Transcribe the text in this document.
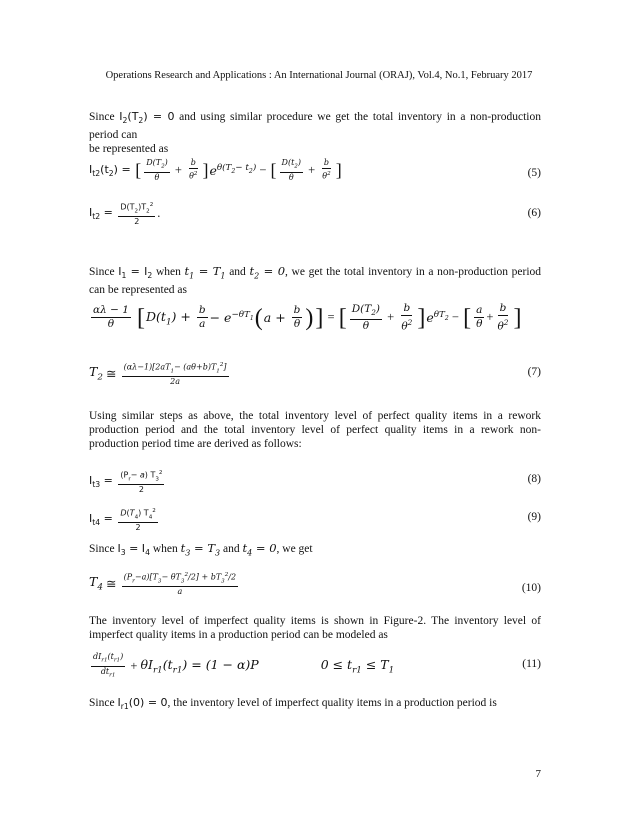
Operations Research and Applications : An International Journal (ORAJ), Vol.4, No.1, February 2017
Since $I_2(T_2) = 0$ and using similar procedure we get the total inventory in a non-production period can
be represented as
$I_{t2}(t_2)$ = [ $\frac{D(T_2)}{\theta} + \frac{b}{\theta^2}$ ] $e^{\theta(T_2- t_2)}$ − [ $\frac{D(t_2)}{\theta} + \frac{b}{\theta^2}$ ]	(5)
$I_{t2} = \frac{D(T_2)T_2^2}{2}$ .	(6)
Since $I_1 = I_2$ when $t_1 = T_1$ and $t_2 = 0$, we get the total inventory in a non-production period can be represented as
$\frac{\alpha\lambda - 1}{\theta}$
[ $D(t_1) + \frac{b}{a} - e^{-\theta T_1}$ ( $a + \frac{b}{\theta}$ ) ] = [ $\frac{D(T_2)}{\theta} + \frac{b}{\theta^2}$ ] $e^{\theta T_2}$ − [ $\frac{a}{\theta} + \frac{b}{\theta^2}$ ]
$T_2$ ≅ $\frac{(\alpha\lambda-1)[2aT_1- (a\theta+b)T_1^2]}{2a}$	(7)
Using similar steps as above, the total inventory level of perfect quality items in a rework production period and the total inventory level of perfect quality items in a rework non-production period time are derived as follows:
$I_{t3} = \frac{(P_r- a) T_3^2}{2}$	(8)
$I_{t4} = \frac{D(T_4) T_4^2}{2}$	(9)
Since $I_3 = I_4$ when $t_3 = T_3$ and $t_4 = 0$, we get
$T_4$ ≅ $\frac{(P_r-a)[T_3- \theta T_3^2/2] + bT_3^2/2}{a}$	(10)
The inventory level of imperfect quality items is shown in Figure-2. The inventory level of imperfect quality items in a production period can be modeled as
$\frac{dI_{r1}(t_{r1})}{dt_{r1}} + \theta I_{r1}(t_{r1}) = (1 - \alpha)P$	$0 \le t_{r1} \le T_1$
(11)
Since $I_{r1}(0) = 0$, the inventory level of imperfect quality items in a production period is
7
